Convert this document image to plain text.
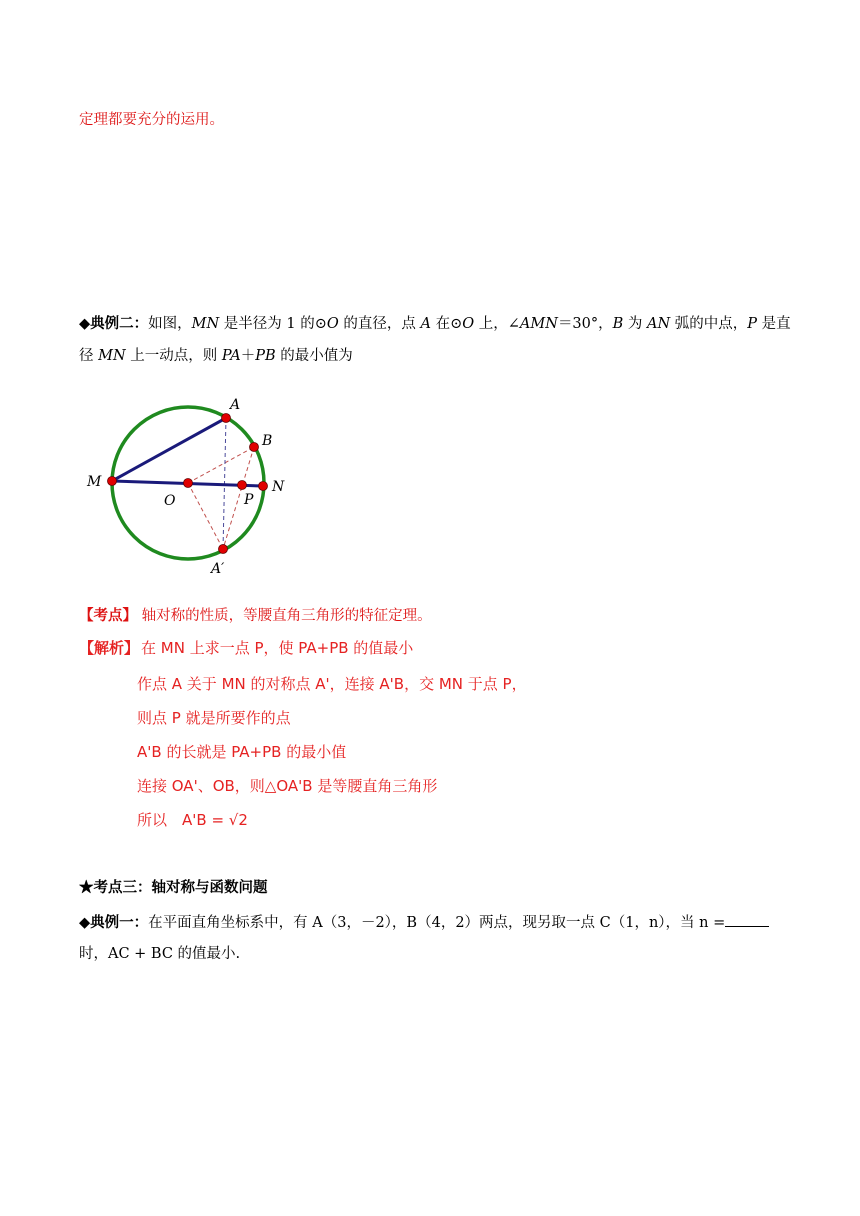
定理都要充分的运用。
◆典例二：如图，MN 是半径为 1 的⊙O 的直径，点 A 在⊙O 上，∠AMN＝30°，B 为 AN 弧的中点，P 是直
径 MN 上一动点，则 PA＋PB 的最小值为
A
B
M
O	P
N
A′
【考点】 轴对称的性质，等腰直角三角形的特征定理。
【解析】 在 MN 上求一点 P，使 PA+PB 的值最小
作点 A 关于 MN 的对称点 A'，连接 A'B，交 MN 于点 P，
则点 P 就是所要作的点
A'B 的长就是 PA+PB 的最小值
连接 OA'、OB，则△OA'B 是等腰直角三角形
所以　A'B = √2
★考点三：轴对称与函数问题
◆典例一：在平面直角坐标系中，有 A（3，－2），B（4，2）两点，现另取一点 C（1，n），当 n =
时，AC + BC 的值最小.
